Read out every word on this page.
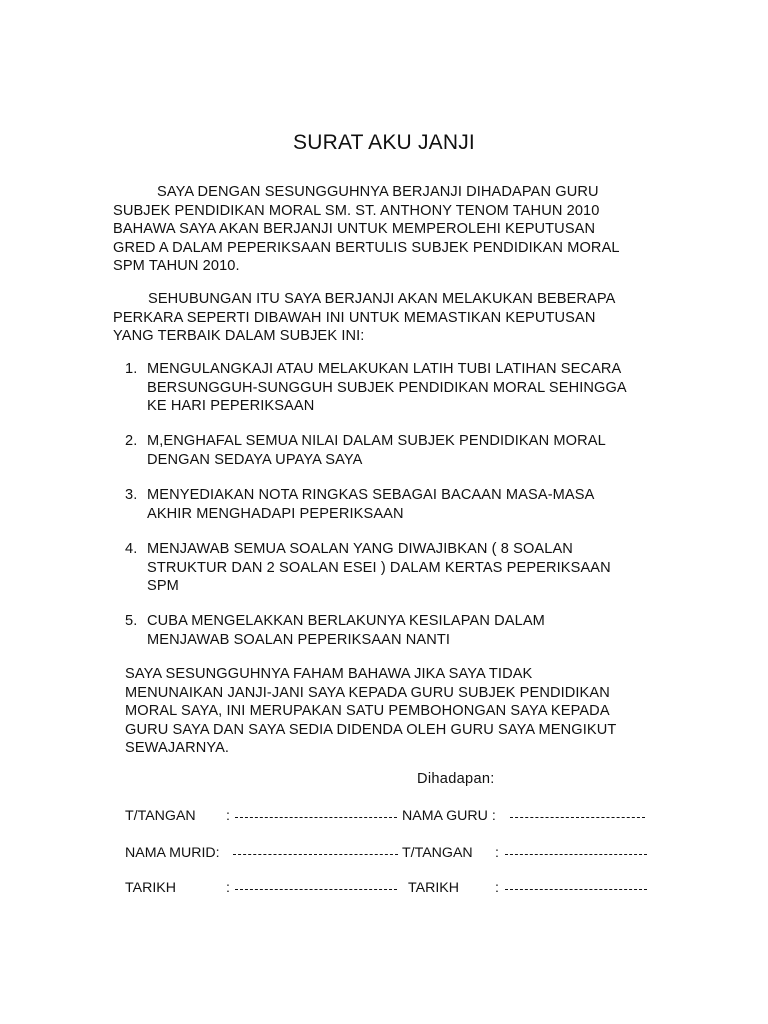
SURAT AKU JANJI
SAYA DENGAN SESUNGGUHNYA BERJANJI DIHADAPAN GURU
SUBJEK PENDIDIKAN MORAL SM. ST. ANTHONY TENOM TAHUN 2010
BAHAWA SAYA AKAN BERJANJI UNTUK MEMPEROLEHI KEPUTUSAN
GRED A DALAM PEPERIKSAAN BERTULIS SUBJEK PENDIDIKAN MORAL
SPM TAHUN 2010.
SEHUBUNGAN ITU SAYA BERJANJI AKAN MELAKUKAN BEBERAPA
PERKARA SEPERTI DIBAWAH INI UNTUK MEMASTIKAN KEPUTUSAN
YANG TERBAIK DALAM SUBJEK INI:
1. MENGULANGKAJI ATAU MELAKUKAN LATIH TUBI LATIHAN SECARA
BERSUNGGUH-SUNGGUH SUBJEK PENDIDIKAN MORAL SEHINGGA
KE HARI PEPERIKSAAN
2. M,ENGHAFAL SEMUA NILAI DALAM SUBJEK PENDIDIKAN MORAL
DENGAN SEDAYA UPAYA SAYA
3. MENYEDIAKAN NOTA RINGKAS SEBAGAI BACAAN MASA-MASA
AKHIR MENGHADAPI PEPERIKSAAN
4. MENJAWAB SEMUA SOALAN YANG DIWAJIBKAN ( 8 SOALAN
STRUKTUR DAN 2 SOALAN ESEI ) DALAM KERTAS PEPERIKSAAN
SPM
5. CUBA MENGELAKKAN BERLAKUNYA KESILAPAN DALAM
MENJAWAB SOALAN PEPERIKSAAN NANTI
SAYA SESUNGGUHNYA FAHAM BAHAWA JIKA SAYA TIDAK
MENUNAIKAN JANJI-JANI SAYA KEPADA GURU SUBJEK PENDIDIKAN
MORAL SAYA, INI MERUPAKAN SATU PEMBOHONGAN SAYA KEPADA
GURU SAYA DAN SAYA SEDIA DIDENDA OLEH GURU SAYA MENGIKUT
SEWAJARNYA.
Dihadapan:
T/TANGAN :	NAMA GURU :
NAMA MURID:	T/TANGAN :
TARIKH	:	TARIKH	:
